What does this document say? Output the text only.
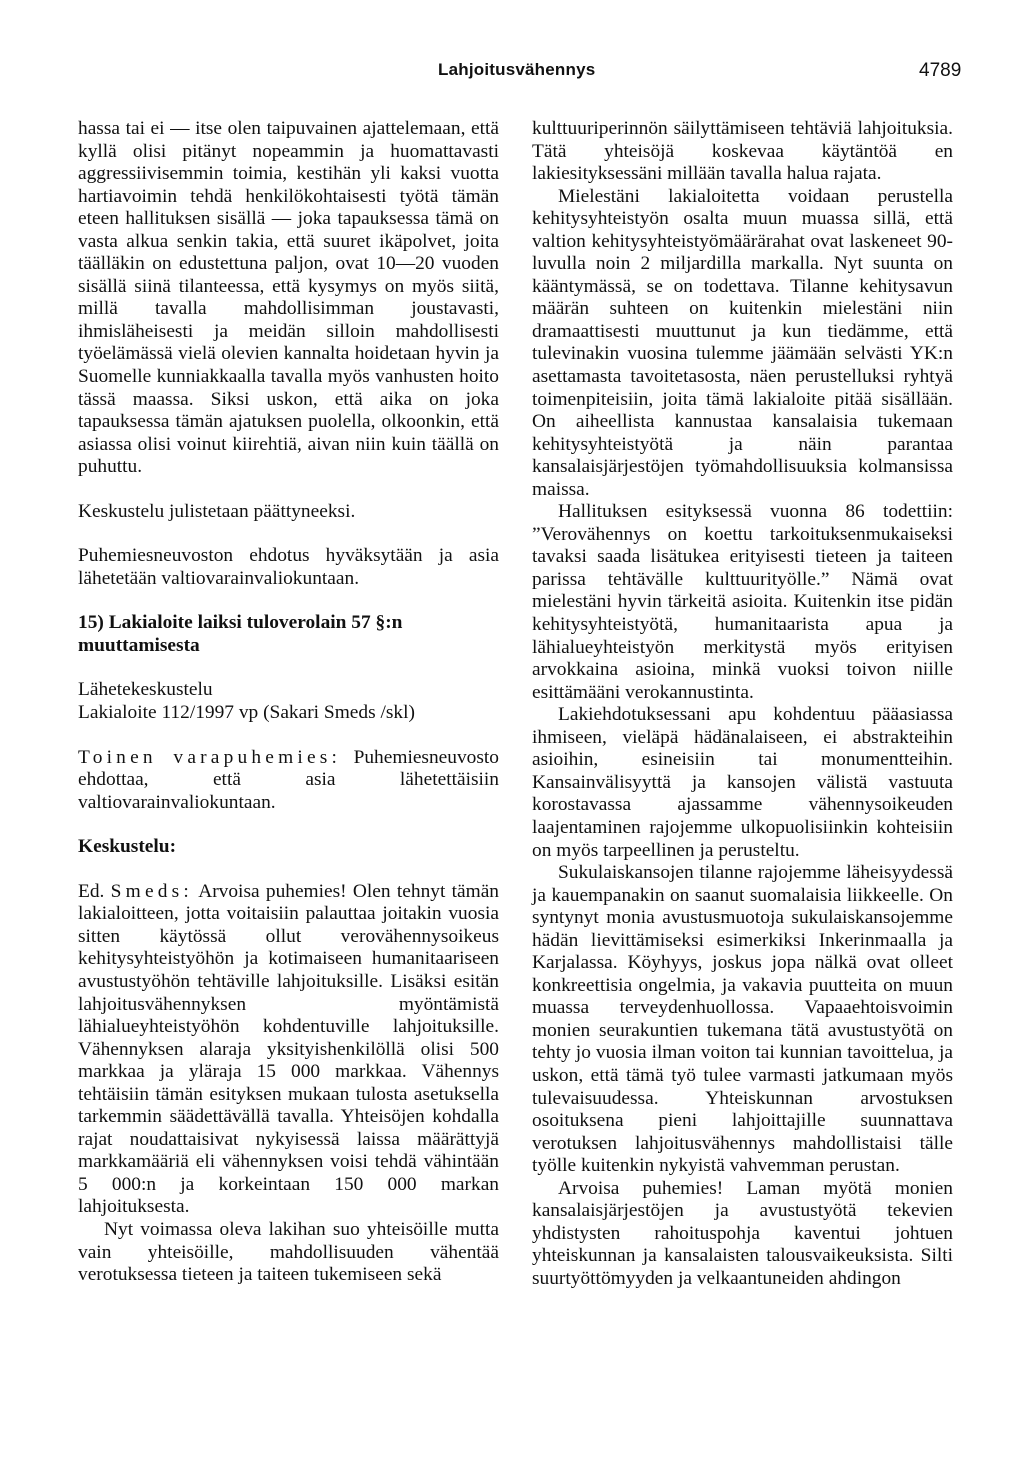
Lahjoitusvähennys	4789

hassa tai ei — itse olen taipuvainen ajattelemaan, että kyllä olisi pitänyt nopeammin ja huomattavasti aggressiivisemmin toimia, kestihän yli kaksi vuotta hartiavoimin tehdä henkilökohtaisesti työtä tämän eteen hallituksen sisällä — joka tapauksessa tämä on vasta alkua senkin takia, että suuret ikäpolvet, joita täälläkin on edustettuna paljon, ovat 10—20 vuoden sisällä siinä tilanteessa, että kysymys on myös siitä, millä tavalla mahdollisimman joustavasti, ihmisläheisesti ja meidän silloin mahdollisesti työelämässä vielä olevien kannalta hoidetaan hyvin ja Suomelle kunniakkaalla tavalla myös vanhusten hoito tässä maassa. Siksi uskon, että aika on joka tapauksessa tämän ajatuksen puolella, olkoonkin, että asiassa olisi voinut kiirehtiä, aivan niin kuin täällä on puhuttu.

Keskustelu julistetaan päättyneeksi.

Puhemiesneuvoston ehdotus hyväksytään ja asia lähetetään valtiovarainvaliokuntaan.

15) Lakialoite laiksi tuloverolain 57 §:n muuttamisesta

Lähetekeskustelu

Lakialoite 112/1997 vp (Sakari Smeds /skl)

Toinen varapuhemies: Puhemiesneuvosto ehdottaa, että asia lähetettäisiin valtiovarainvaliokuntaan.

Keskustelu:

Ed. Smeds: Arvoisa puhemies! Olen tehnyt tämän lakialoitteen, jotta voitaisiin palauttaa joitakin vuosia sitten käytössä ollut verovähennysoikeus kehitysyhteistyöhön ja kotimaiseen humanitaariseen avustustyöhön tehtäville lahjoituksille. Lisäksi esitän lahjoitusvähennyksen myöntämistä lähialueyhteistyöhön kohdentuville lahjoituksille. Vähennyksen alaraja yksityishenkilöllä olisi 500 markkaa ja yläraja 15 000 markkaa. Vähennys tehtäisiin tämän esityksen mukaan tulosta asetuksella tarkemmin säädettävällä tavalla. Yhteisöjen kohdalla rajat noudattaisivat nykyisessä laissa määrättyjä markkamääriä eli vähennyksen voisi tehdä vähintään 5 000:n ja korkeintaan 150 000 markan lahjoituksesta.

Nyt voimassa oleva lakihan suo yhteisöille mutta vain yhteisöille, mahdollisuuden vähentää verotuksessa tieteen ja taiteen tukemiseen sekä

kulttuuriperinnön säilyttämiseen tehtäviä lahjoituksia. Tätä yhteisöjä koskevaa käytäntöä en lakiesityksessäni millään tavalla halua rajata.

Mielestäni lakialoitetta voidaan perustella kehitysyhteistyön osalta muun muassa sillä, että valtion kehitysyhteistyömäärärahat ovat laskeneet 90-luvulla noin 2 miljardilla markalla. Nyt suunta on kääntymässä, se on todettava. Tilanne kehitysavun määrän suhteen on kuitenkin mielestäni niin dramaattisesti muuttunut ja kun tiedämme, että tulevinakin vuosina tulemme jäämään selvästi YK:n asettamasta tavoitetasosta, näen perustelluksi ryhtyä toimenpiteisiin, joita tämä lakialoite pitää sisällään. On aiheellista kannustaa kansalaisia tukemaan kehitysyhteistyötä ja näin parantaa kansalaisjärjestöjen työmahdollisuuksia kolmansissa maissa.

Hallituksen esityksessä vuonna 86 todettiin: ”Verovähennys on koettu tarkoituksenmukaiseksi tavaksi saada lisätukea erityisesti tieteen ja taiteen parissa tehtävälle kulttuurityölle.” Nämä ovat mielestäni hyvin tärkeitä asioita. Kuitenkin itse pidän kehitysyhteistyötä, humanitaarista apua ja lähialueyhteistyön merkitystä myös erityisen arvokkaina asioina, minkä vuoksi toivon niille esittämääni verokannustinta.

Lakiehdotuksessani apu kohdentuu pääasiassa ihmiseen, vieläpä hädänalaiseen, ei abstrakteihin asioihin, esineisiin tai monumentteihin. Kansainvälisyyttä ja kansojen välistä vastuuta korostavassa ajassamme vähennysoikeuden laajentaminen rajojemme ulkopuolisiinkin kohteisiin on myös tarpeellinen ja perusteltu.

Sukulaiskansojen tilanne rajojemme läheisyydessä ja kauempanakin on saanut suomalaisia liikkeelle. On syntynyt monia avustusmuotoja sukulaiskansojemme hädän lievittämiseksi esimerkiksi Inkerinmaalla ja Karjalassa. Köyhyys, joskus jopa nälkä ovat olleet konkreettisia ongelmia, ja vakavia puutteita on muun muassa terveydenhuollossa. Vapaaehtoisvoimin monien seurakuntien tukemana tätä avustustyötä on tehty jo vuosia ilman voiton tai kunnian tavoittelua, ja uskon, että tämä työ tulee varmasti jatkumaan myös tulevaisuudessa. Yhteiskunnan arvostuksen osoituksena pieni lahjoittajille suunnattava verotuksen lahjoitusvähennys mahdollistaisi tälle työlle kuitenkin nykyistä vahvemman perustan.

Arvoisa puhemies! Laman myötä monien kansalaisjärjestöjen ja avustustyötä tekevien yhdistysten rahoituspohja kaventui johtuen yhteiskunnan ja kansalaisten talousvaikeuksista. Silti suurtyöttömyyden ja velkaantuneiden ahdingon
